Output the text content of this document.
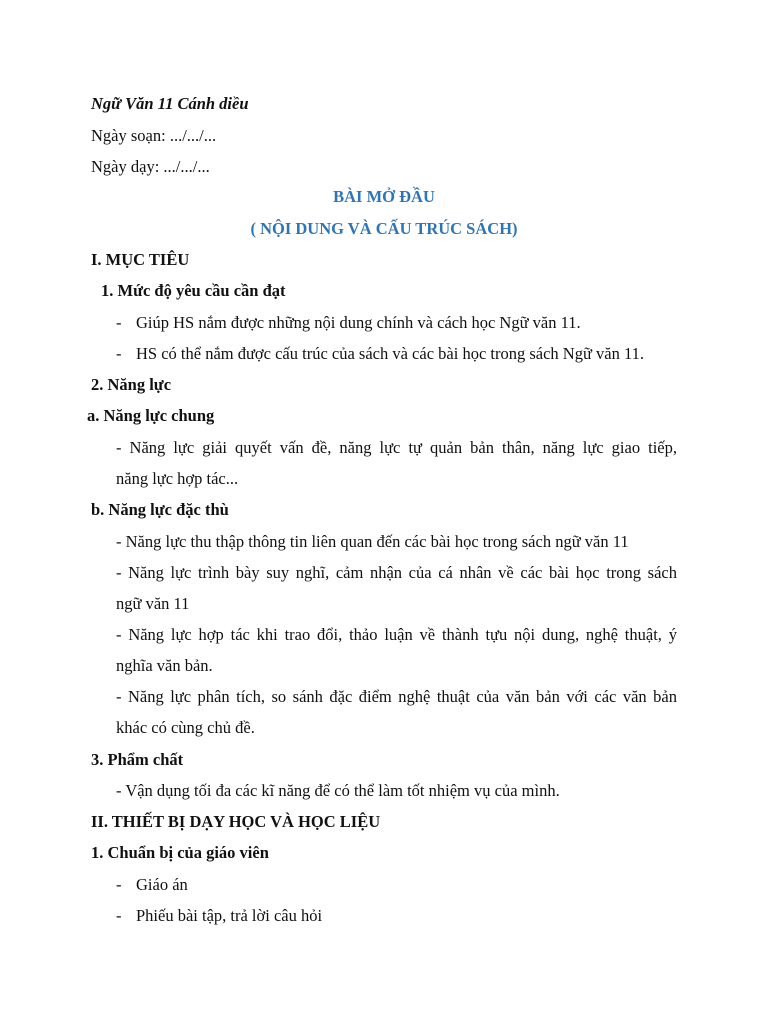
Ngữ Văn 11 Cánh diều
Ngày soạn: .../.../...
Ngày dạy: .../.../...
BÀI MỞ ĐẦU
( NỘI DUNG VÀ CẤU TRÚC SÁCH)
I. MỤC TIÊU
1. Mức độ yêu cầu cần đạt
- Giúp HS nắm được những nội dung chính và cách học Ngữ văn 11.
- HS có thể nắm được cấu trúc của sách và các bài học trong sách Ngữ văn 11.
2. Năng lực
a. Năng lực chung
- Năng lực giải quyết vấn đề, năng lực tự quản bản thân, năng lực giao tiếp,
năng lực hợp tác...
b. Năng lực đặc thù
- Năng lực thu thập thông tin liên quan đến các bài học trong sách ngữ văn 11
- Năng lực trình bày suy nghĩ, cảm nhận của cá nhân về các bài học trong sách
ngữ văn 11
- Năng lực hợp tác khi trao đổi, thảo luận về thành tựu nội dung, nghệ thuật, ý
nghĩa văn bản.
- Năng lực phân tích, so sánh đặc điểm nghệ thuật của văn bản với các văn bản
khác có cùng chủ đề.
3. Phẩm chất
- Vận dụng tối đa các kĩ năng để có thể làm tốt nhiệm vụ của mình.
II. THIẾT BỊ DẠY HỌC VÀ HỌC LIỆU
1. Chuẩn bị của giáo viên
- Giáo án
- Phiếu bài tập, trả lời câu hỏi
